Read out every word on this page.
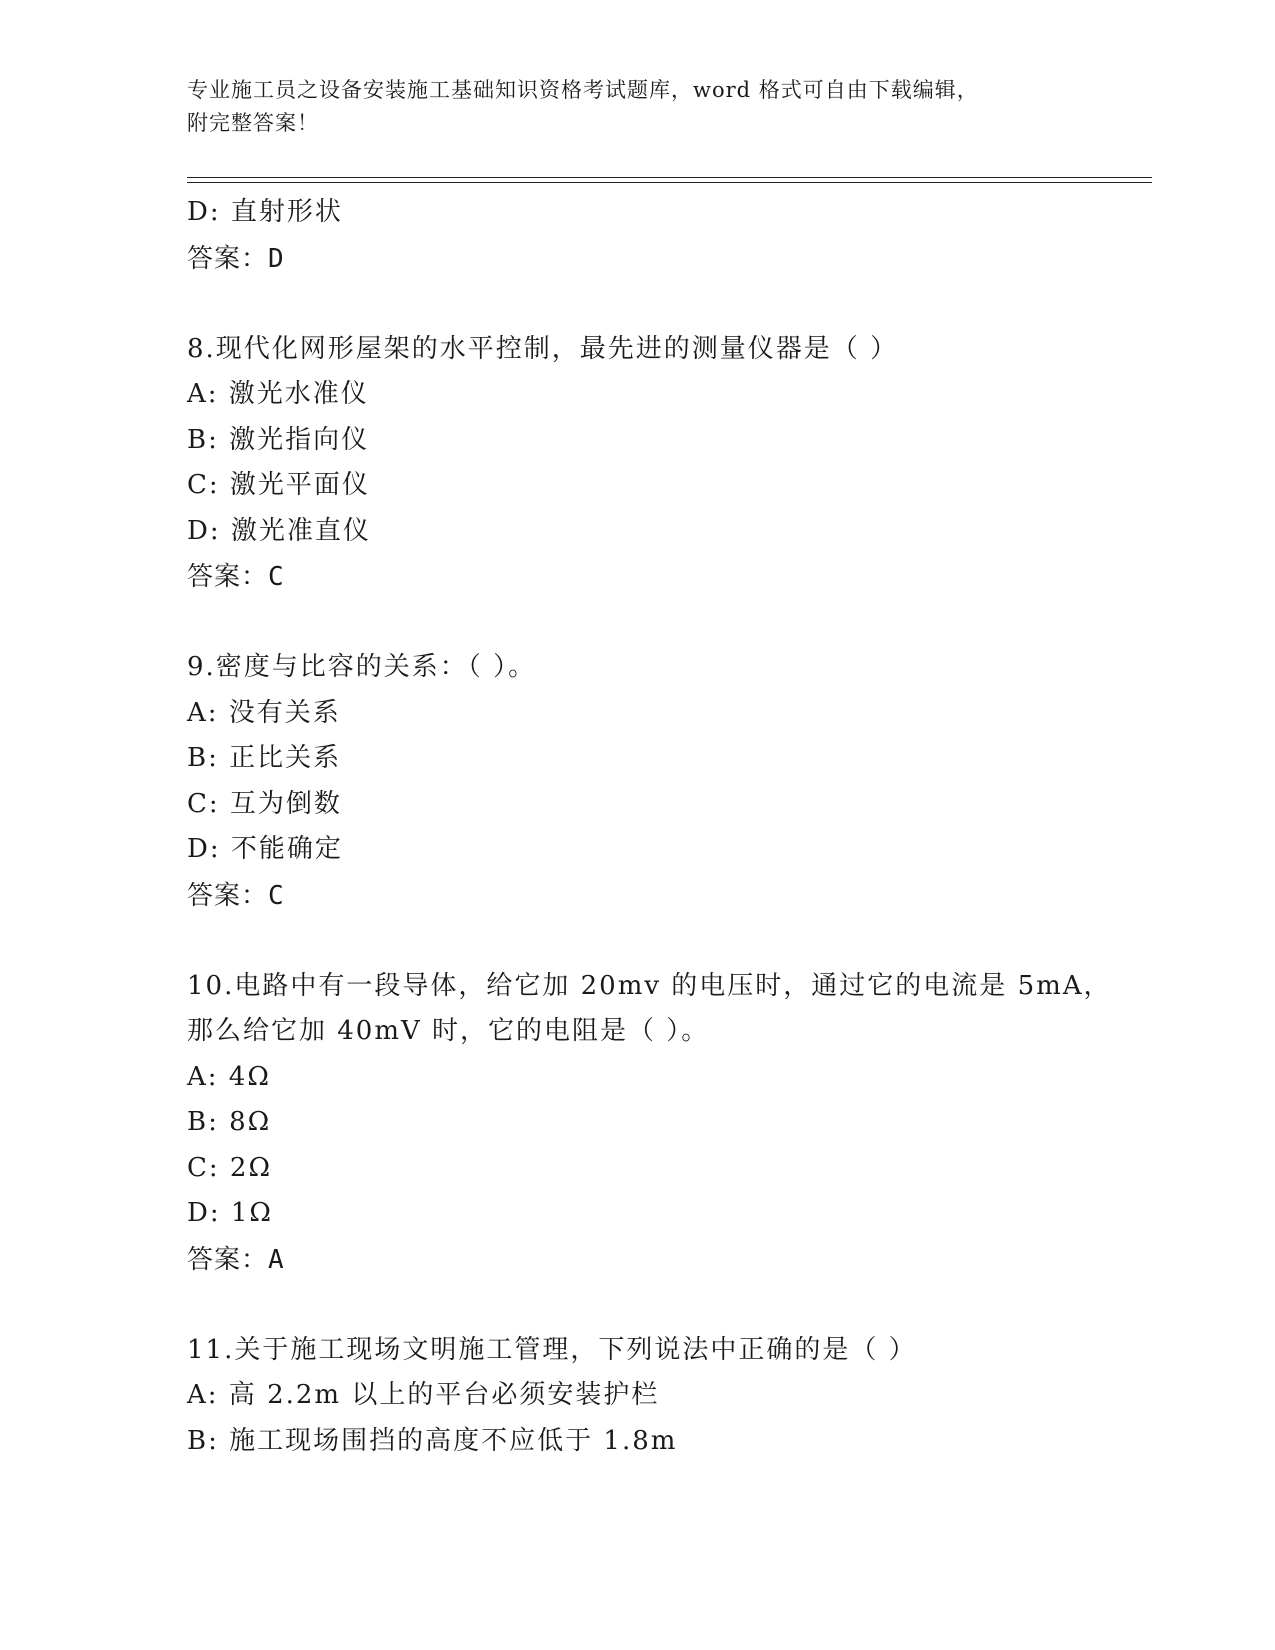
专业施工员之设备安装施工基础知识资格考试题库，word 格式可自由下载编辑，
附完整答案！
D: 直射形状
答案：D
8.现代化网形屋架的水平控制，最先进的测量仪器是（ ）
A: 激光水准仪
B: 激光指向仪
C: 激光平面仪
D: 激光准直仪
答案：C
9.密度与比容的关系：（ ）。
A: 没有关系
B: 正比关系
C: 互为倒数
D: 不能确定
答案：C
10.电路中有一段导体，给它加 20mv 的电压时，通过它的电流是 5mA，
那么给它加 40mV 时，它的电阻是（ ）。
A: 4Ω
B: 8Ω
C: 2Ω
D: 1Ω
答案：A
11.关于施工现场文明施工管理，下列说法中正确的是（ ）
A: 高 2.2m 以上的平台必须安装护栏
B: 施工现场围挡的高度不应低于 1.8m
